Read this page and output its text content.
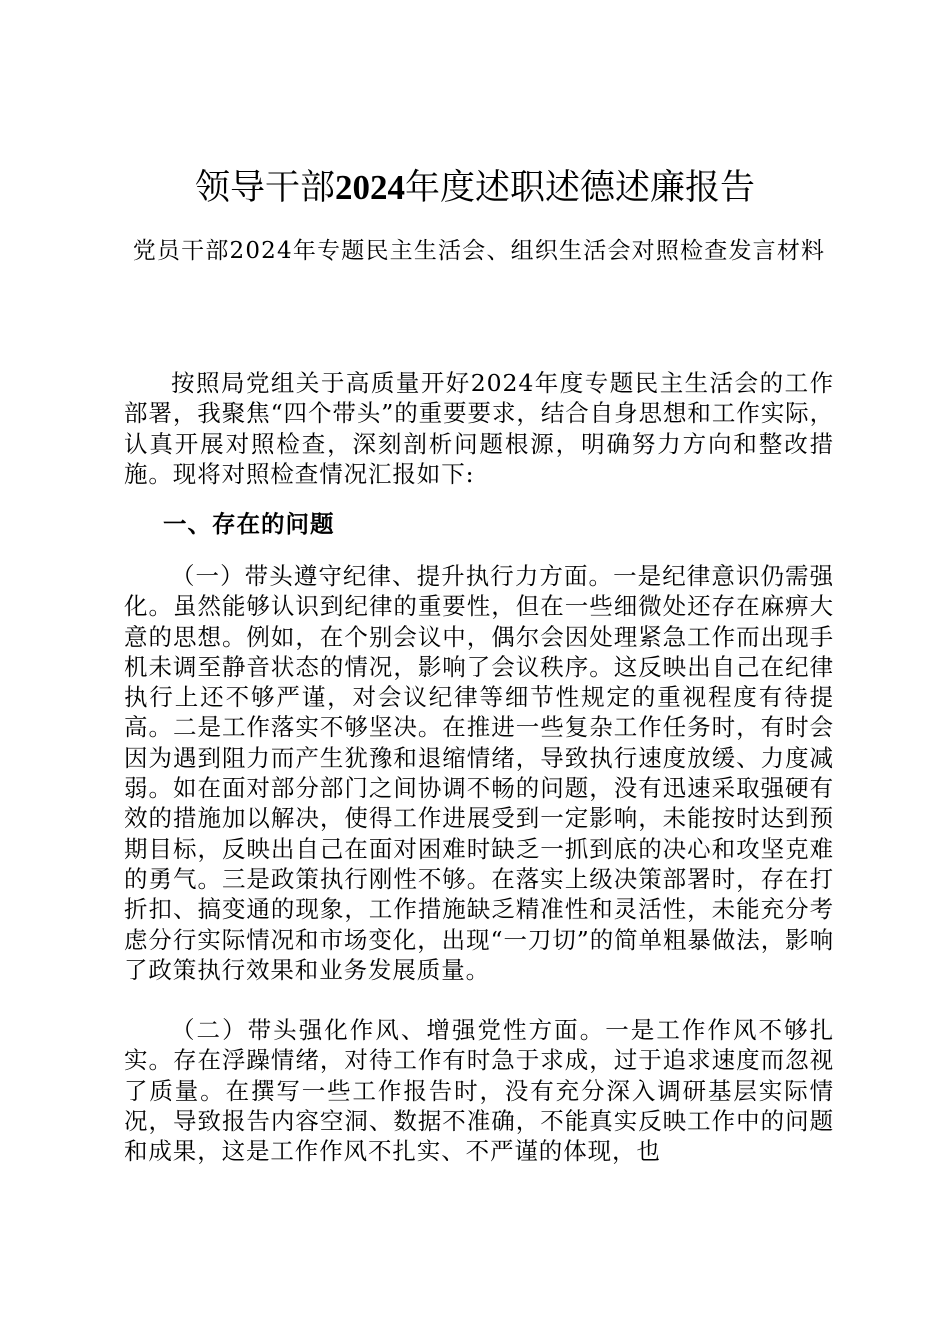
领导干部2024年度述职述德述廉报告
党员干部2024年专题民主生活会、组织生活会对照检查发言材料

按照局党组关于高质量开好2024年度专题民主生活会的工作部署，我聚焦“四个带头”的重要要求，结合自身思想和工作实际，认真开展对照检查，深刻剖析问题根源，明确努力方向和整改措施。现将对照检查情况汇报如下:

一、存在的问题

（一）带头遵守纪律、提升执行力方面。一是纪律意识仍需强化。虽然能够认识到纪律的重要性，但在一些细微处还存在麻痹大意的思想。例如，在个别会议中，偶尔会因处理紧急工作而出现手机未调至静音状态的情况，影响了会议秩序。这反映出自己在纪律执行上还不够严谨，对会议纪律等细节性规定的重视程度有待提高。二是工作落实不够坚决。在推进一些复杂工作任务时，有时会因为遇到阻力而产生犹豫和退缩情绪，导致执行速度放缓、力度减弱。如在面对部分部门之间协调不畅的问题，没有迅速采取强硬有效的措施加以解决，使得工作进展受到一定影响，未能按时达到预期目标，反映出自己在面对困难时缺乏一抓到底的决心和攻坚克难的勇气。三是政策执行刚性不够。在落实上级决策部署时，存在打折扣、搞变通的现象，工作措施缺乏精准性和灵活性，未能充分考虑分行实际情况和市场变化，出现“一刀切”的简单粗暴做法，影响了政策执行效果和业务发展质量。

（二）带头强化作风、增强党性方面。一是工作作风不够扎实。存在浮躁情绪，对待工作有时急于求成，过于追求速度而忽视了质量。在撰写一些工作报告时，没有充分深入调研基层实际情况，导致报告内容空洞、数据不准确，不能真实反映工作中的问题和成果，这是工作作风不扎实、不严谨的体现，也
